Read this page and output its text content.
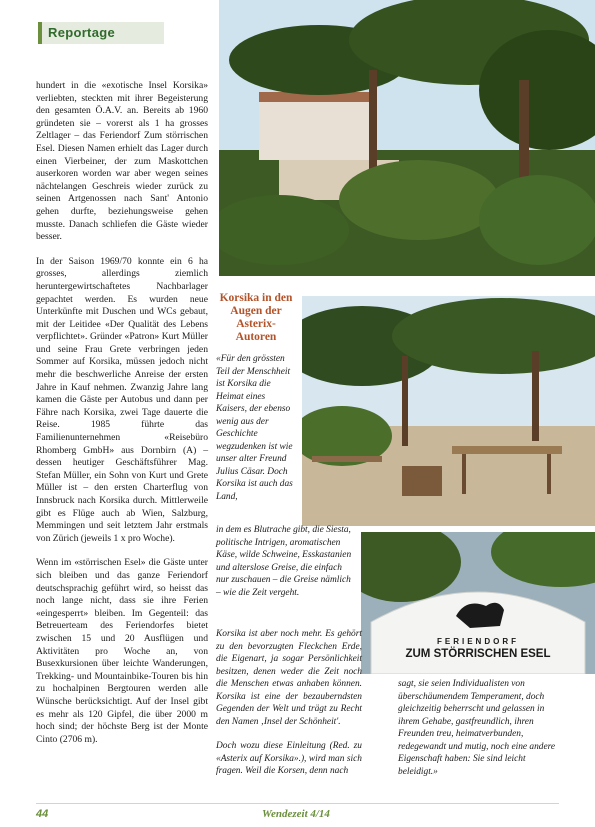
Reportage
FERIENDORF
ZUM STÖRRISCHEN ESEL

hundert in die «exotische Insel Korsika» verliebten, steckten mit ihrer Begeisterung den gesamten Ö.A.V. an. Bereits ab 1960 gründeten sie – vorerst als 1 ha grosses Zeltlager – das Feriendorf Zum störrischen Esel. Diesen Namen erhielt das Lager durch einen Vierbeiner, der zum Maskottchen auserkoren worden war aber wegen seines nächtelangen Geschreis wieder zurück zu seinen Artgenossen nach Sant' Antonio gehen durfte, beziehungsweise gehen musste. Danach schliefen die Gäste wieder besser.

In der Saison 1969/70 konnte ein 6 ha grosses, allerdings ziemlich heruntergewirtschaftetes Nachbarlager gepachtet werden. Es wurden neue Unterkünfte mit Duschen und WCs gebaut, mit der Leitidee «Der Qualität des Lebens verpflichtet». Gründer «Patron» Kurt Müller und seine Frau Grete verbringen jeden Sommer auf Korsika, müssen jedoch nicht mehr die beschwerliche Anreise der ersten Jahre in Kauf nehmen. Zwanzig Jahre lang kamen die Gäste per Autobus und dann per Fähre nach Korsika, zwei Tage dauerte die Reise. 1985 führte das Familienunternehmen «Reisebüro Rhomberg GmbH» aus Dornbirn (A) – dessen heutiger Geschäftsführer Mag. Stefan Müller, ein Sohn von Kurt und Grete Müller ist – den ersten Charterflug von Innsbruck nach Korsika durch. Mittlerweile gibt es Flüge auch ab Wien, Salzburg, Memmingen und seit letztem Jahr erstmals von Zürich (jeweils 1 x pro Woche).

Wenn im «störrischen Esel» die Gäste unter sich bleiben und das ganze Feriendorf deutschsprachig geführt wird, so heisst das noch lange nicht, dass sie ihre Ferien «eingesperrt» bleiben. Im Gegenteil: das Betreuerteam des Feriendorfes bietet zwischen 15 und 20 Ausflügen und Aktivitäten pro Woche an, von Busexkursionen über leichte Wanderungen, Trekking- und Mountainbike-Touren bis hin zu hochalpinen Bergtouren werden alle Wünsche berücksichtigt. Auf der Insel gibt es mehr als 120 Gipfel, die über 2000 m hoch sind; der höchste Berg ist der Monte Cinto (2706 m).

Korsika in den Augen der Asterix-Autoren

«Für den grössten Teil der Menschheit ist Korsika die Heimat eines Kaisers, der ebenso wenig aus der Geschichte wegzudenken ist wie unser alter Freund Julius Cäsar. Doch Korsika ist auch das Land,

in dem es Blutrache gibt, die Siesta, politische Intrigen, aromatischen Käse, wilde Schweine, Esskastanien und alterslose Greise, die einfach nur zuschauen – die Greise nämlich – wie die Zeit vergeht.

Korsika ist aber noch mehr. Es gehört zu den bevorzugten Fleckchen Erde, die Eigenart, ja sogar Persönlichkeit besitzen, denen weder die Zeit noch die Menschen etwas anhaben können. Korsika ist eine der bezauberndsten Gegenden der Welt und trägt zu Recht den Namen ‚Insel der Schönheit'.

Doch wozu diese Einleitung (Red. zu «Asterix auf Korsika».), wird man sich fragen. Weil die Korsen, denn nach

sagt, sie seien Individualisten von überschäumendem Temperament, doch gleichzeitig beherrscht und gelassen in ihrem Gehabe, gastfreundlich, ihren Freunden treu, heimatverbunden, redegewandt und mutig, noch eine andere Eigenschaft haben: Sie sind leicht beleidigt.»

44	Wendezeit 4/14
